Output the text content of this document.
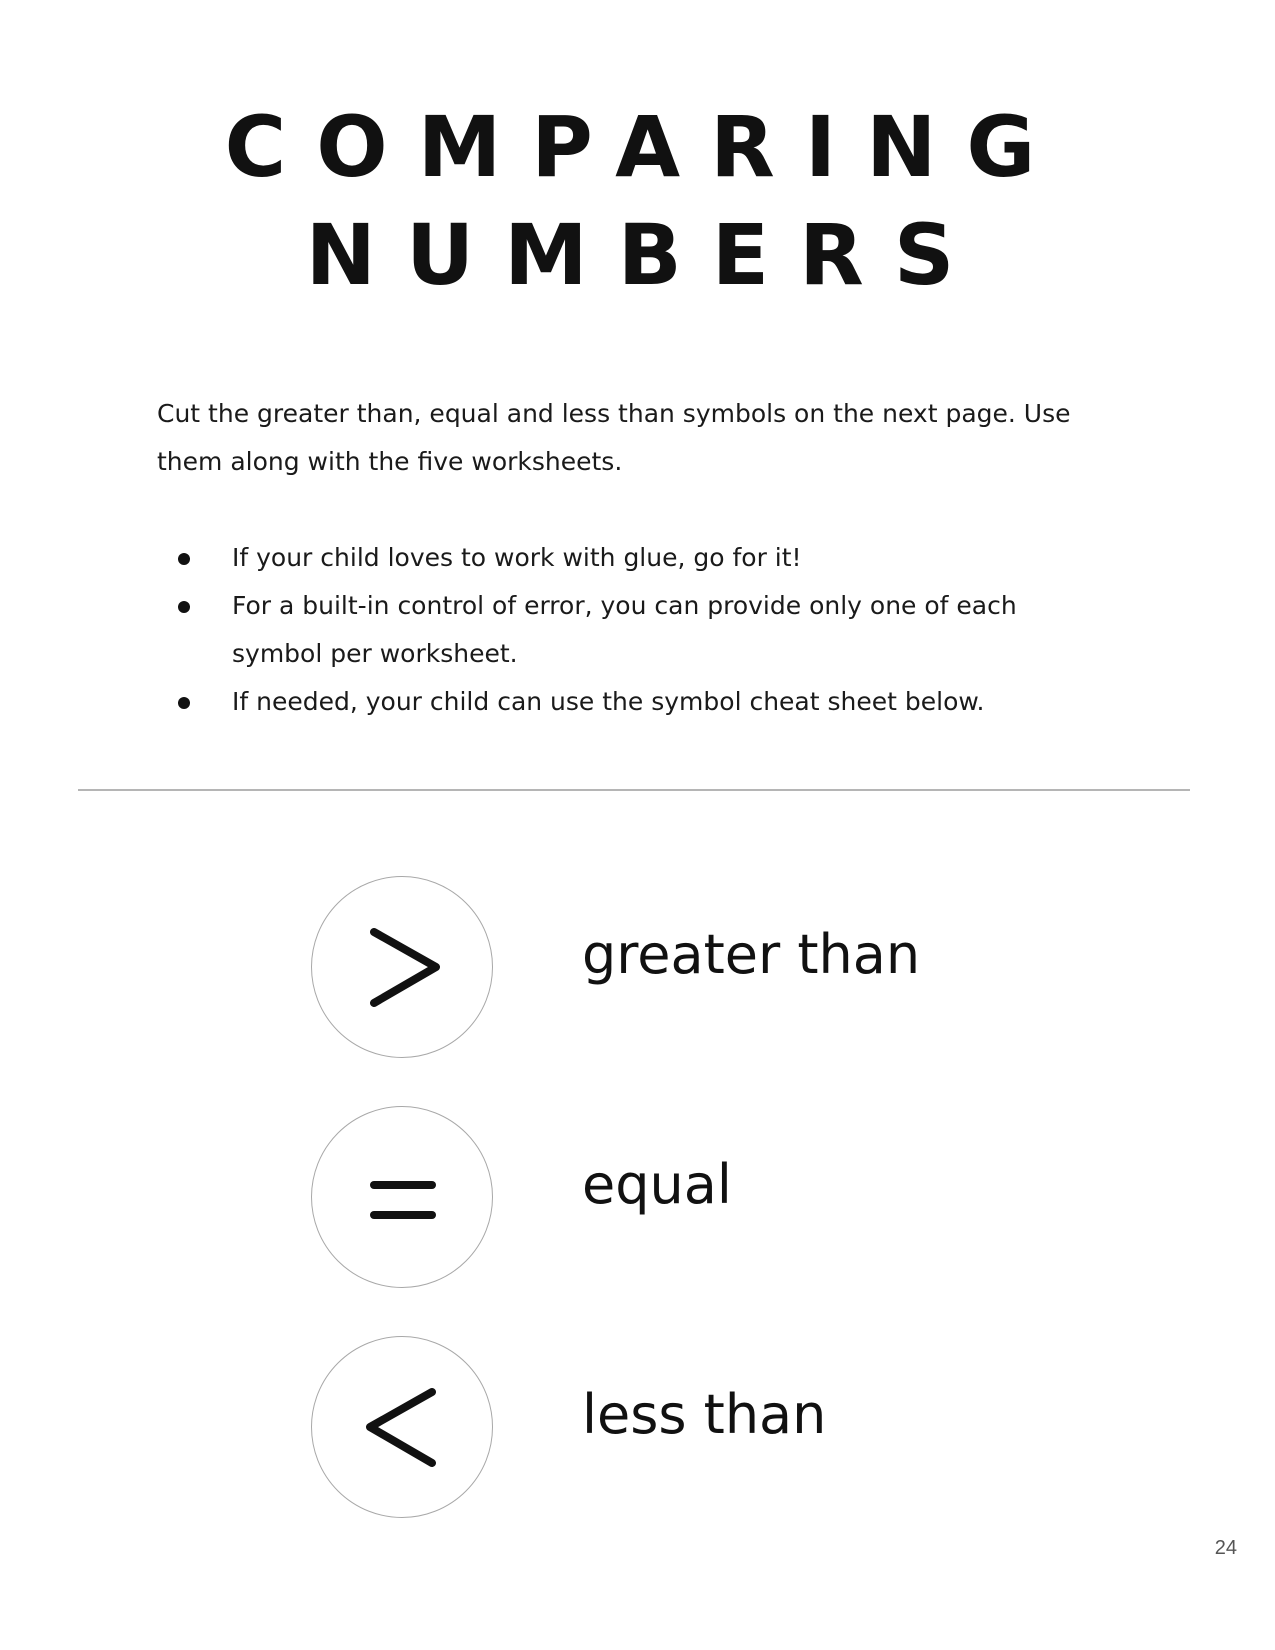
COMPARING
NUMBERS

Cut the greater than, equal and less than symbols on the next page. Use them along with the five worksheets.

If your child loves to work with glue, go for it!
For a built-in control of error, you can provide only one of each symbol per worksheet.
If needed, your child can use the symbol cheat sheet below.
greater than
equal
less than
24
